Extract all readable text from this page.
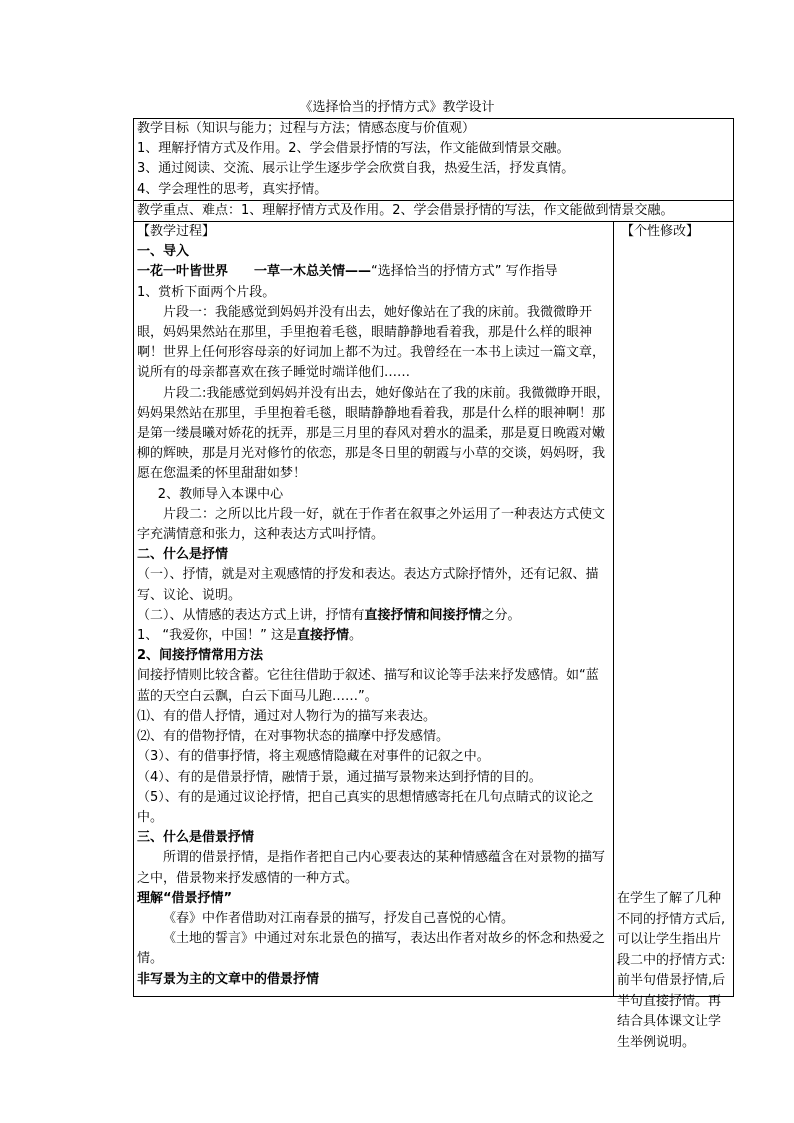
《选择恰当的抒情方式》教学设计

教学目标（知识与能力；过程与方法；情感态度与价值观）

1、理解抒情方式及作用。2、学会借景抒情的写法，作文能做到情景交融。

3、通过阅读、交流、展示让学生逐步学会欣赏自我，热爱生活，抒发真情。

4、学会理性的思考，真实抒情。

教学重点、难点：1、理解抒情方式及作用。2、学会借景抒情的写法，作文能做到情景交融。

【教学过程】

一、导入

一花一叶皆世界 一草一木总关情——“选择恰当的抒情方式” 写作指导

1、赏析下面两个片段。

片段一：我能感觉到妈妈并没有出去，她好像站在了我的床前。我微微睁开眼，妈妈果然站在那里，手里抱着毛毯，眼睛静静地看着我，那是什么样的眼神啊！世界上任何形容母亲的好词加上都不为过。我曾经在一本书上读过一篇文章，说所有的母亲都喜欢在孩子睡觉时端详他们……

片段二:我能感觉到妈妈并没有出去，她好像站在了我的床前。我微微睁开眼，妈妈果然站在那里，手里抱着毛毯，眼睛静静地看着我，那是什么样的眼神啊！那是第一缕晨曦对娇花的抚弄，那是三月里的春风对碧水的温柔，那是夏日晚霞对嫩柳的辉映，那是月光对修竹的依恋，那是冬日里的朝霞与小草的交谈，妈妈呀，我愿在您温柔的怀里甜甜如梦！

2、教师导入本课中心

片段二：之所以比片段一好，就在于作者在叙事之外运用了一种表达方式使文字充满情意和张力，这种表达方式叫抒情。

二、什么是抒情

（一）、抒情，就是对主观感情的抒发和表达。表达方式除抒情外，还有记叙、描写、议论、说明。

（二）、从情感的表达方式上讲，抒情有直接抒情和间接抒情之分。

1、 “我爱你，中国！” 这是直接抒情。

2、间接抒情常用方法

间接抒情则比较含蓄。它往往借助于叙述、描写和议论等手法来抒发感情。如“蓝蓝的天空白云飘，白云下面马儿跑……”。

⑴、有的借人抒情，通过对人物行为的描写来表达。

⑵、有的借物抒情，在对事物状态的描摩中抒发感情。

（3）、有的借事抒情，将主观感情隐藏在对事件的记叙之中。

（4）、有的是借景抒情，融情于景，通过描写景物来达到抒情的目的。

（5）、有的是通过议论抒情，把自己真实的思想情感寄托在几句点睛式的议论之中。

三、什么是借景抒情

所谓的借景抒情，是指作者把自己内心要表达的某种情感蕴含在对景物的描写之中，借景物来抒发感情的一种方式。

理解“借景抒情”

《春》中作者借助对江南春景的描写，抒发自己喜悦的心情。

《土地的誓言》中通过对东北景色的描写，表达出作者对故乡的怀念和热爱之情。

非写景为主的文章中的借景抒情

【个性修改】

在学生了解了几种不同的抒情方式后,可以让学生指出片段二中的抒情方式:前半句借景抒情,后半句直接抒情。再结合具体课文让学生举例说明。
